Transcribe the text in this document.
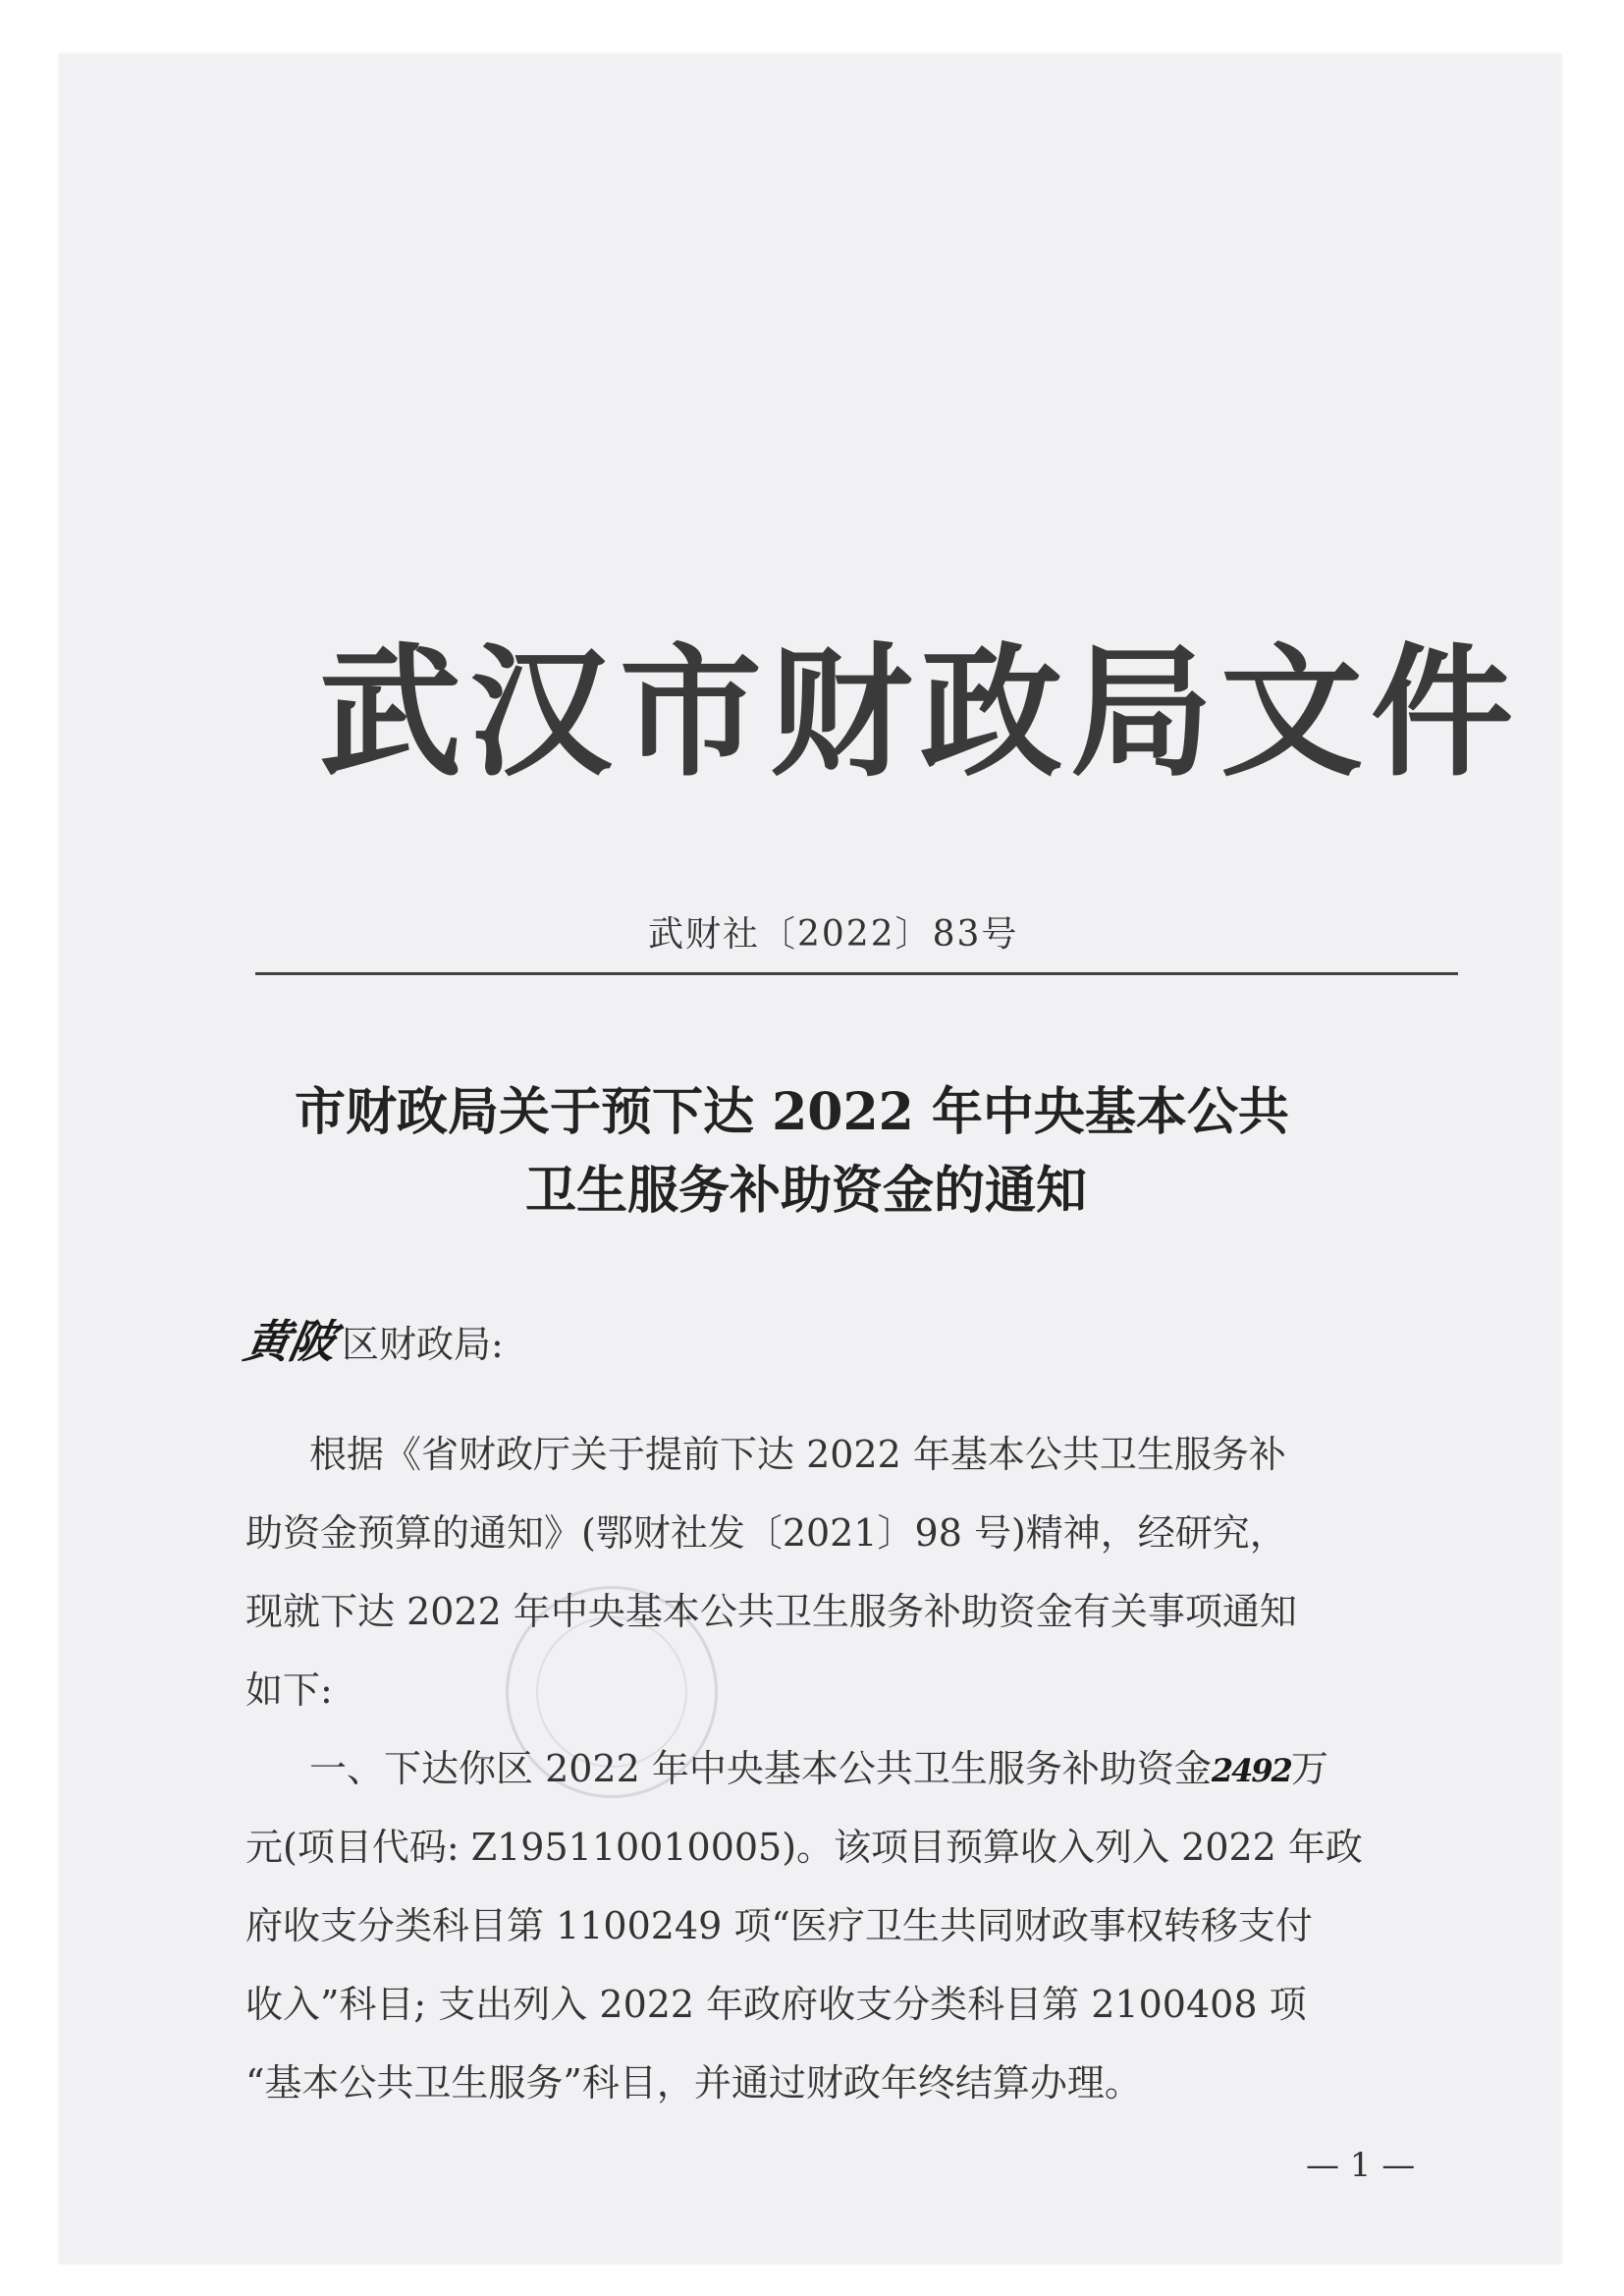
武汉市财政局文件
武财社〔2022〕83号
市财政局关于预下达 2022 年中央基本公共
卫生服务补助资金的通知
黄陂区财政局:
根据《省财政厅关于提前下达 2022 年基本公共卫生服务补
助资金预算的通知》(鄂财社发〔2021〕98 号)精神，经研究，
现就下达 2022 年中央基本公共卫生服务补助资金有关事项通知
如下:
一、下达你区 2022 年中央基本公共卫生服务补助资金2492万
元(项目代码: Z195110010005)。该项目预算收入列入 2022 年政
府收支分类科目第 1100249 项“医疗卫生共同财政事权转移支付
收入”科目; 支出列入 2022 年政府收支分类科目第 2100408 项
“基本公共卫生服务”科目，并通过财政年终结算办理。
— 1 —
